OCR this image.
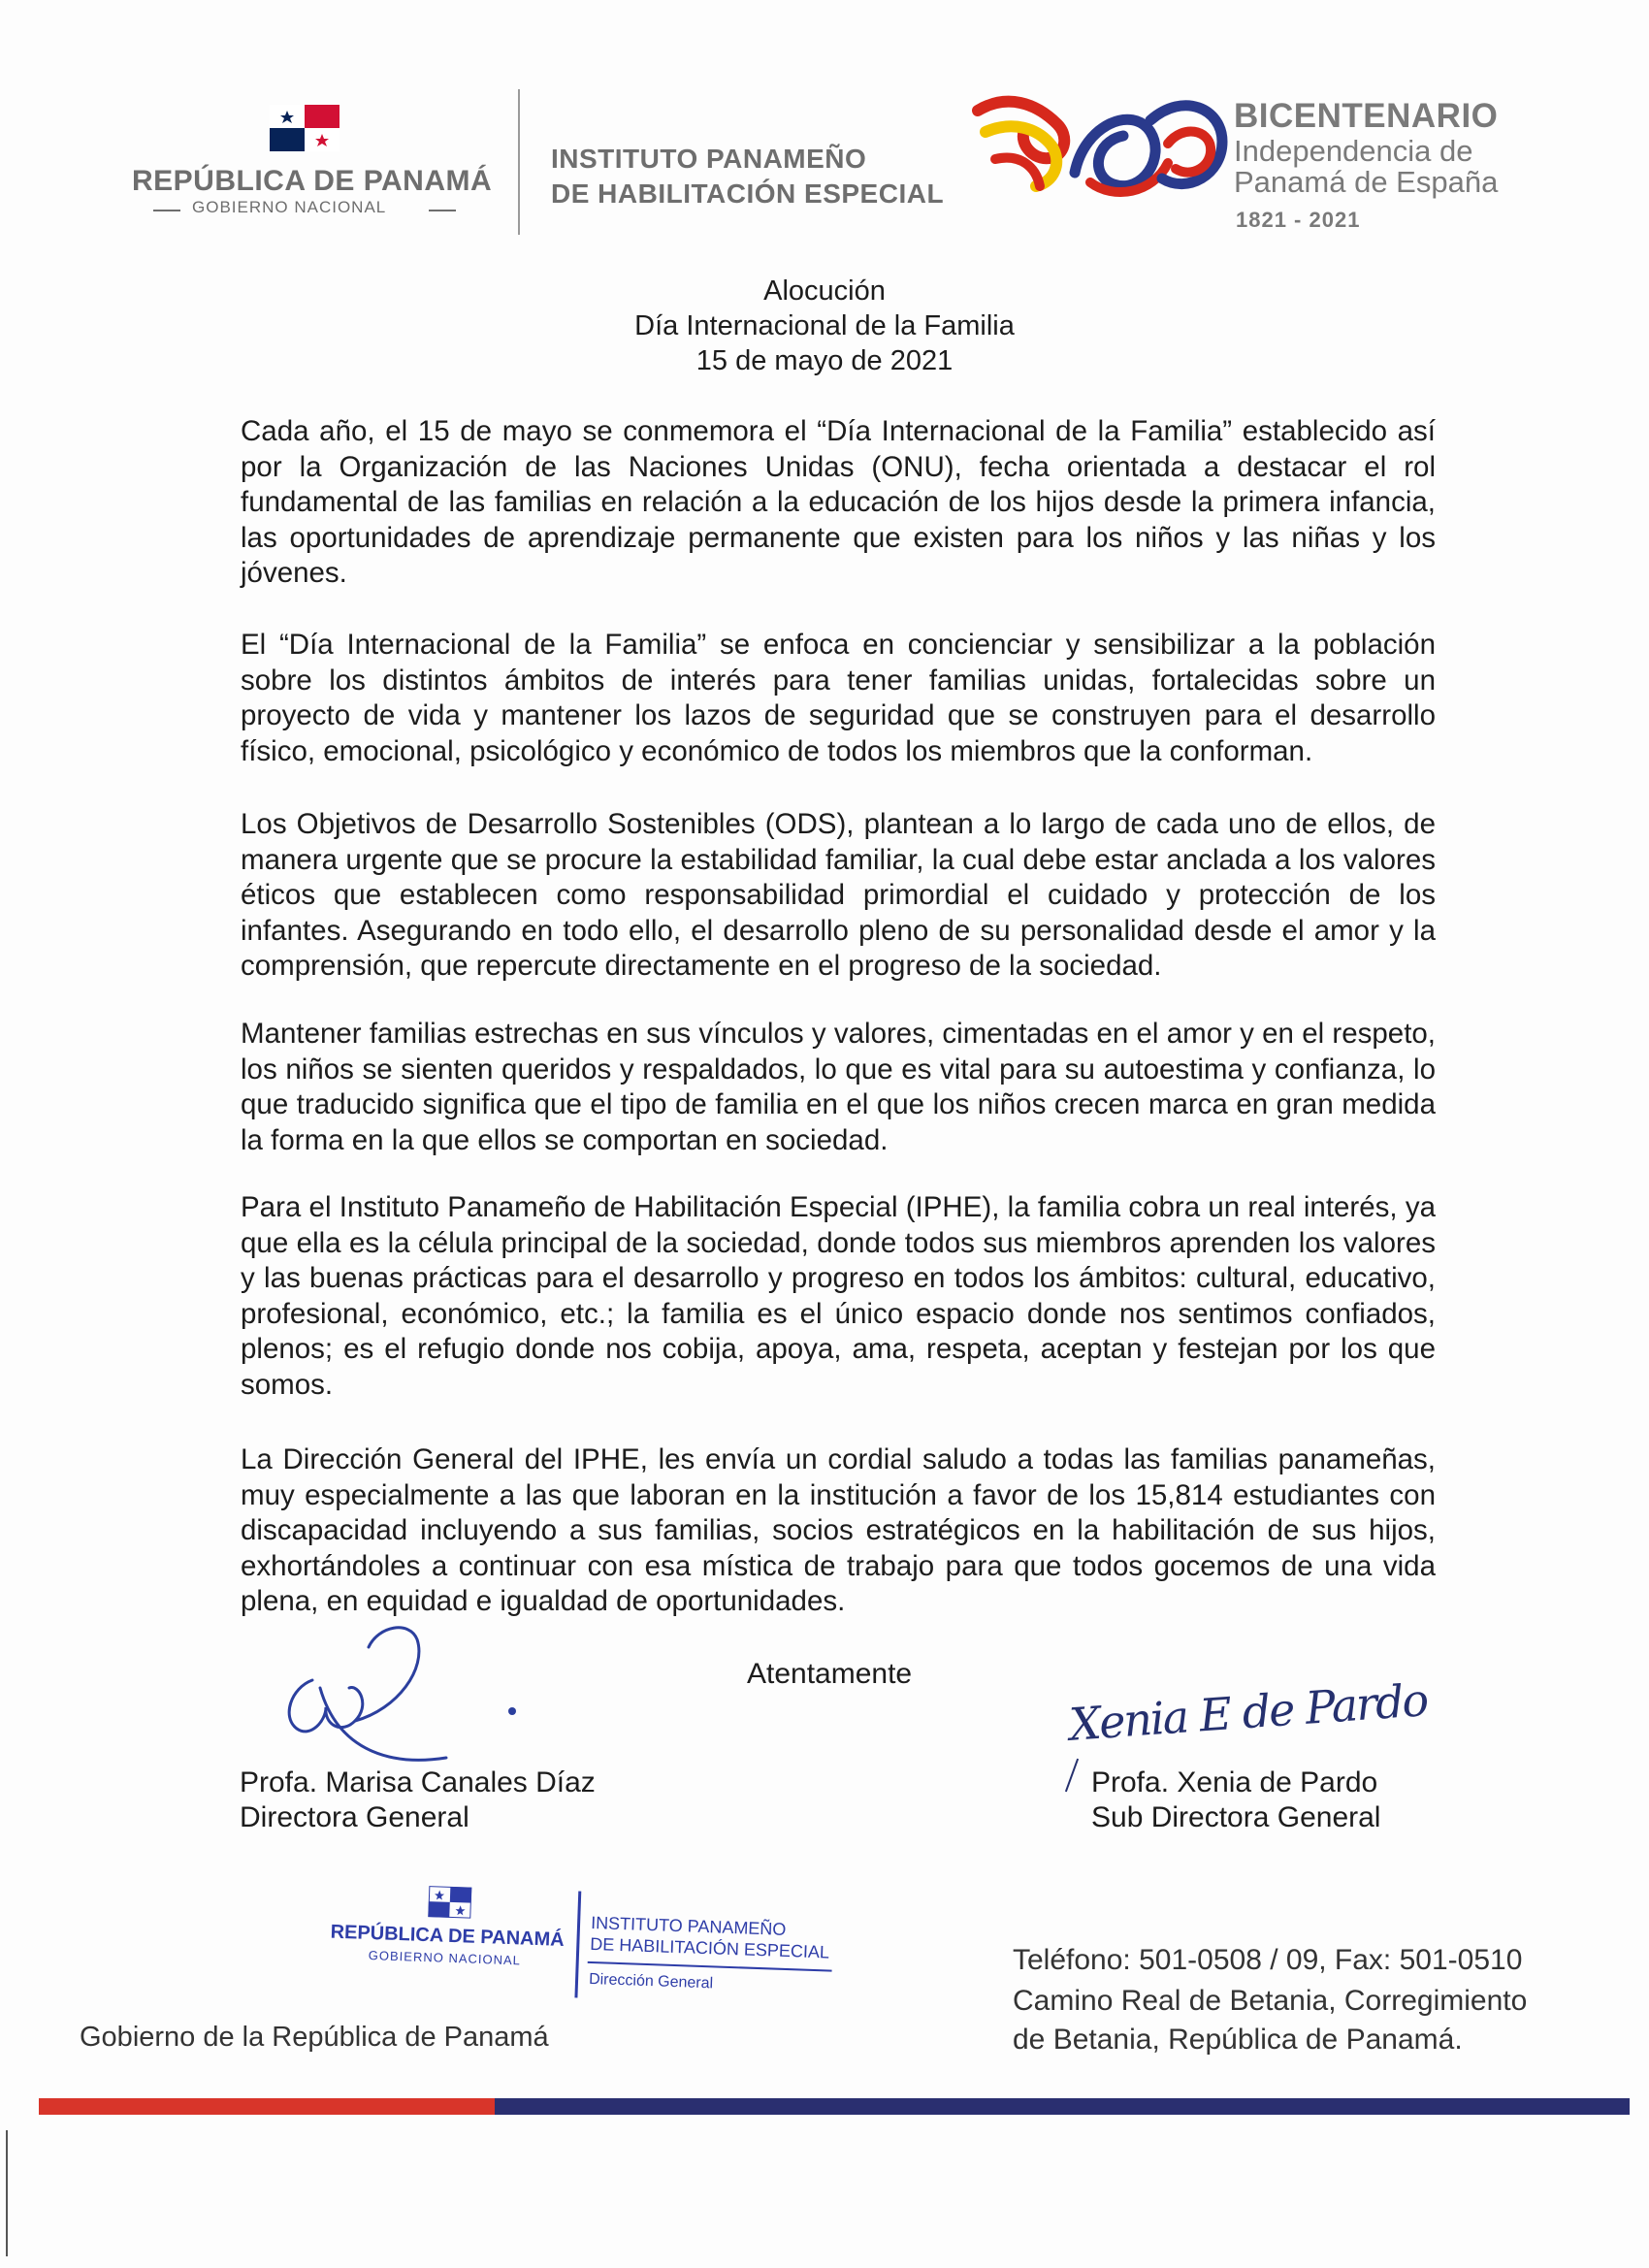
REPÚBLICA DE PANAMÁ
GOBIERNO NACIONAL
INSTITUTO PANAMEÑO
DE HABILITACIÓN ESPECIAL
BICENTENARIO
Independencia de
Panamá de España
1821 - 2021
Alocución
Día Internacional de la Familia
15 de mayo de 2021

Cada año, el 15 de mayo se conmemora el “Día Internacional de la Familia” establecido así por la Organización de las Naciones Unidas (ONU), fecha orientada a destacar el rol fundamental de las familias en relación a la educación de los hijos desde la primera infancia, las oportunidades de aprendizaje permanente que existen para los niños y las niñas y los jóvenes.

El “Día Internacional de la Familia” se enfoca en concienciar y sensibilizar a la población sobre los distintos ámbitos de interés para tener familias unidas, fortalecidas sobre un proyecto de vida y mantener los lazos de seguridad que se construyen para el desarrollo físico, emocional, psicológico y económico de todos los miembros que la conforman.

Los Objetivos de Desarrollo Sostenibles (ODS), plantean a lo largo de cada uno de ellos, de manera urgente que se procure la estabilidad familiar, la cual debe estar anclada a los valores éticos que establecen como responsabilidad primordial el cuidado y protección de los infantes. Asegurando en todo ello, el desarrollo pleno de su personalidad desde el amor y la comprensión, que repercute directamente en el progreso de la sociedad.

Mantener familias estrechas en sus vínculos y valores, cimentadas en el amor y en el respeto, los niños se sienten queridos y respaldados, lo que es vital para su autoestima y confianza, lo que traducido significa que el tipo de familia en el que los niños crecen marca en gran medida la forma en la que ellos se comportan en sociedad.

Para el Instituto Panameño de Habilitación Especial (IPHE), la familia cobra un real interés, ya que ella es la célula principal de la sociedad, donde todos sus miembros aprenden los valores y las buenas prácticas para el desarrollo y progreso en todos los ámbitos: cultural, educativo, profesional, económico, etc.; la familia es el único espacio donde nos sentimos confiados, plenos; es el refugio donde nos cobija, apoya, ama, respeta, aceptan y festejan por los que somos.

La Dirección General del IPHE, les envía un cordial saludo a todas las familias panameñas, muy especialmente a las que laboran en la institución a favor de los 15,814 estudiantes con discapacidad incluyendo a sus familias, socios estratégicos en la habilitación de sus hijos, exhortándoles a continuar con esa mística de trabajo para que todos gocemos de una vida plena, en equidad e igualdad de oportunidades.

Atentamente
Profa. Marisa Canales Díaz
Directora General
Xenia E de Pardo
Profa. Xenia de Pardo
Sub Directora General
REPÚBLICA DE PANAMÁ
GOBIERNO NACIONAL
INSTITUTO PANAMEÑO
DE HABILITACIÓN ESPECIAL
Dirección General
Gobierno de la República de Panamá
Teléfono: 501-0508 / 09, Fax: 501-0510
Camino Real de Betania, Corregimiento
de Betania, República de Panamá.
